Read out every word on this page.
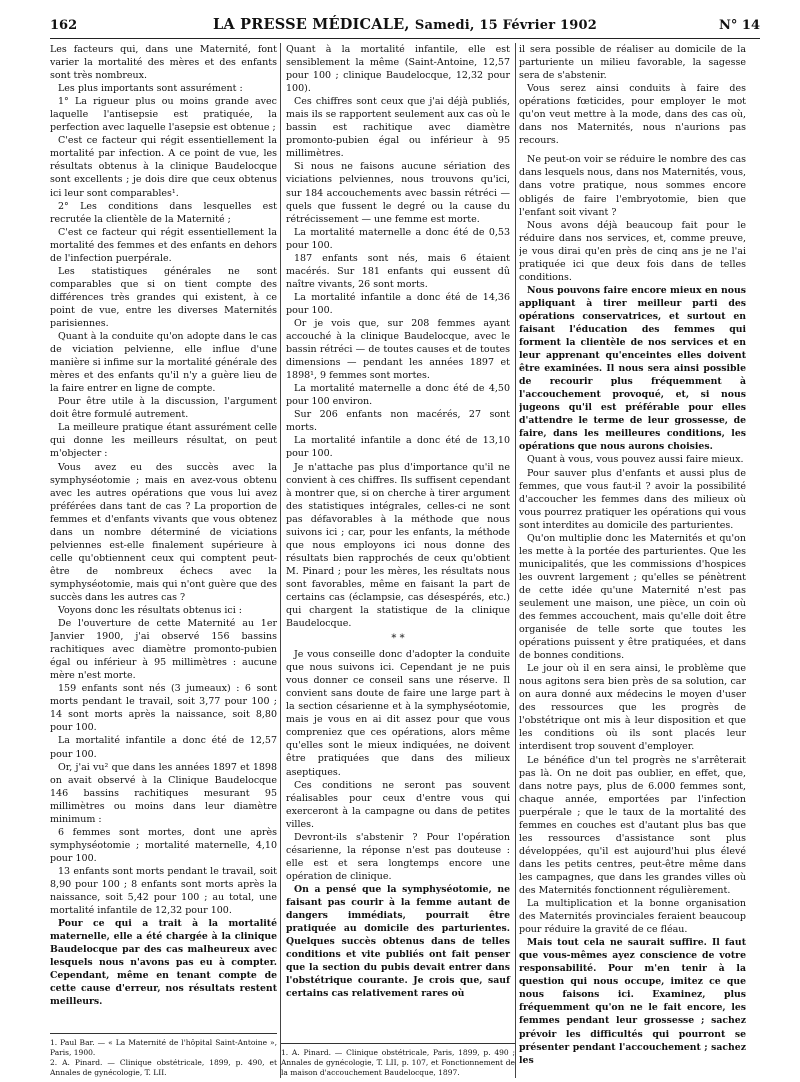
162	LA PRESSE MÉDICALE, Samedi, 15 Février 1902	N° 14

Les facteurs qui, dans une Maternité, font varier la mortalité des mères et des enfants sont très nombreux.

Les plus importants sont assurément :

1° La rigueur plus ou moins grande avec laquelle l'antisepsie est pratiquée, la perfection avec laquelle l'asepsie est obtenue ;

C'est ce facteur qui régit essentiellement la mortalité par infection. A ce point de vue, les résultats obtenus à la clinique Baudelocque sont excellents ; je dois dire que ceux obtenus ici leur sont comparables¹.

2° Les conditions dans lesquelles est recrutée la clientèle de la Maternité ;

C'est ce facteur qui régit essentiellement la mortalité des femmes et des enfants en dehors de l'infection puerpérale.

Les statistiques générales ne sont comparables que si on tient compte des différences très grandes qui existent, à ce point de vue, entre les diverses Maternités parisiennes.

Quant à la conduite qu'on adopte dans le cas de viciation pelvienne, elle influe d'une manière si infime sur la mortalité générale des mères et des enfants qu'il n'y a guère lieu de la faire entrer en ligne de compte.

Pour être utile à la discussion, l'argument doit être formulé autrement.

La meilleure pratique étant assurément celle qui donne les meilleurs résultat, on peut m'objecter :

Vous avez eu des succès avec la symphyséotomie ; mais en avez-vous obtenu avec les autres opérations que vous lui avez préférées dans tant de cas ? La proportion de femmes et d'enfants vivants que vous obtenez dans un nombre déterminé de viciations pelviennes est-elle finalement supérieure à celle qu'obtiennent ceux qui comptent peut-être de nombreux échecs avec la symphyséotomie, mais qui n'ont guère que des succès dans les autres cas ?

Voyons donc les résultats obtenus ici :

De l'ouverture de cette Maternité au 1er Janvier 1900, j'ai observé 156 bassins rachitiques avec diamètre promonto-pubien égal ou inférieur à 95 millimètres : aucune mère n'est morte.

159 enfants sont nés (3 jumeaux) : 6 sont morts pendant le travail, soit 3,77 pour 100 ; 14 sont morts après la naissance, soit 8,80 pour 100.

La mortalité infantile a donc été de 12,57 pour 100.

Or, j'ai vu² que dans les années 1897 et 1898 on avait observé à la Clinique Baudelocque 146 bassins rachitiques mesurant 95 millimètres ou moins dans leur diamètre minimum :

6 femmes sont mortes, dont une après symphyséotomie ; mortalité maternelle, 4,10 pour 100.

13 enfants sont morts pendant le travail, soit 8,90 pour 100 ; 8 enfants sont morts après la naissance, soit 5,42 pour 100 ; au total, une mortalité infantile de 12,32 pour 100.

Pour ce qui a trait à la mortalité maternelle, elle a été chargée à la clinique Baudelocque par des cas malheureux avec lesquels nous n'avons pas eu à compter. Cependant, même en tenant compte de cette cause d'erreur, nos résultats restent meilleurs.

1. Paul Bar. — « La Maternité de l'hôpital Saint-Antoine », Paris, 1900.

2. A. Pinard. — Clinique obstétricale, 1899, p. 490, et Annales de gynécologie, T. LII.

Quant à la mortalité infantile, elle est sensiblement la même (Saint-Antoine, 12,57 pour 100 ; clinique Baudelocque, 12,32 pour 100).

Ces chiffres sont ceux que j'ai déjà publiés, mais ils se rapportent seulement aux cas où le bassin est rachitique avec diamètre promonto-pubien égal ou inférieur à 95 millimètres.

Si nous ne faisons aucune sériation des viciations pelviennes, nous trouvons qu'ici, sur 184 accouchements avec bassin rétréci — quels que fussent le degré ou la cause du rétrécissement — une femme est morte.

La mortalité maternelle a donc été de 0,53 pour 100.

187 enfants sont nés, mais 6 étaient macérés. Sur 181 enfants qui eussent dû naître vivants, 26 sont morts.

La mortalité infantile a donc été de 14,36 pour 100.

Or je vois que, sur 208 femmes ayant accouché à la clinique Baudelocque, avec le bassin rétréci — de toutes causes et de toutes dimensions — pendant les années 1897 et 1898¹, 9 femmes sont mortes.

La mortalité maternelle a donc été de 4,50 pour 100 environ.

Sur 206 enfants non macérés, 27 sont morts.

La mortalité infantile a donc été de 13,10 pour 100.

Je n'attache pas plus d'importance qu'il ne convient à ces chiffres. Ils suffisent cependant à montrer que, si on cherche à tirer argument des statistiques intégrales, celles-ci ne sont pas défavorables à la méthode que nous suivons ici ; car, pour les enfants, la méthode que nous employons ici nous donne des résultats bien rapprochés de ceux qu'obtient M. Pinard ; pour les mères, les résultats nous sont favorables, même en faisant la part de certains cas (éclampsie, cas désespérés, etc.) qui chargent la statistique de la clinique Baudelocque.

* *

Je vous conseille donc d'adopter la conduite que nous suivons ici. Cependant je ne puis vous donner ce conseil sans une réserve. Il convient sans doute de faire une large part à la section césarienne et à la symphyséotomie, mais je vous en ai dit assez pour que vous compreniez que ces opérations, alors même qu'elles sont le mieux indiquées, ne doivent être pratiquées que dans des milieux aseptiques.

Ces conditions ne seront pas souvent réalisables pour ceux d'entre vous qui exerceront à la campagne ou dans de petites villes.

Devront-ils s'abstenir ? Pour l'opération césarienne, la réponse n'est pas douteuse : elle est et sera longtemps encore une opération de clinique.

On a pensé que la symphyséotomie, ne faisant pas courir à la femme autant de dangers immédiats, pourrait être pratiquée au domicile des parturientes. Quelques succès obtenus dans de telles conditions et vite publiés ont fait penser que la section du pubis devait entrer dans l'obstétrique courante. Je crois que, sauf certains cas relativement rares où

1. A. Pinard. — Clinique obstétricale, Paris, 1899, p. 490 ; Annales de gynécologie, T. LII, p. 107, et Fonctionnement de la maison d'accouchement Baudelocque, 1897.

il sera possible de réaliser au domicile de la parturiente un milieu favorable, la sagesse sera de s'abstenir.

Vous serez ainsi conduits à faire des opérations fœticides, pour employer le mot qu'on veut mettre à la mode, dans des cas où, dans nos Maternités, nous n'aurions pas recours.

Ne peut-on voir se réduire le nombre des cas dans lesquels nous, dans nos Maternités, vous, dans votre pratique, nous sommes encore obligés de faire l'embryotomie, bien que l'enfant soit vivant ?

Nous avons déjà beaucoup fait pour le réduire dans nos services, et, comme preuve, je vous dirai qu'en près de cinq ans je ne l'ai pratiquée ici que deux fois dans de telles conditions.

Nous pouvons faire encore mieux en nous appliquant à tirer meilleur parti des opérations conservatrices, et surtout en faisant l'éducation des femmes qui forment la clientèle de nos services et en leur apprenant qu'enceintes elles doivent être examinées. Il nous sera ainsi possible de recourir plus fréquemment à l'accouchement provoqué, et, si nous jugeons qu'il est préférable pour elles d'attendre le terme de leur grossesse, de faire, dans les meilleures conditions, les opérations que nous aurons choisies.

Quant à vous, vous pouvez aussi faire mieux.

Pour sauver plus d'enfants et aussi plus de femmes, que vous faut-il ? avoir la possibilité d'accoucher les femmes dans des milieux où vous pourrez pratiquer les opérations qui vous sont interdites au domicile des parturientes.

Qu'on multiplie donc les Maternités et qu'on les mette à la portée des parturientes. Que les municipalités, que les commissions d'hospices les ouvrent largement ; qu'elles se pénètrent de cette idée qu'une Maternité n'est pas seulement une maison, une pièce, un coin où des femmes accouchent, mais qu'elle doit être organisée de telle sorte que toutes les opérations puissent y être pratiquées, et dans de bonnes conditions.

Le jour où il en sera ainsi, le problème que nous agitons sera bien près de sa solution, car on aura donné aux médecins le moyen d'user des ressources que les progrès de l'obstétrique ont mis à leur disposition et que les conditions où ils sont placés leur interdisent trop souvent d'employer.

Le bénéfice d'un tel progrès ne s'arrêterait pas là. On ne doit pas oublier, en effet, que, dans notre pays, plus de 6.000 femmes sont, chaque année, emportées par l'infection puerpérale ; que le taux de la mortalité des femmes en couches est d'autant plus bas que les ressources d'assistance sont plus développées, qu'il est aujourd'hui plus élevé dans les petits centres, peut-être même dans les campagnes, que dans les grandes villes où des Maternités fonctionnent régulièrement.

La multiplication et la bonne organisation des Maternités provinciales feraient beaucoup pour réduire la gravité de ce fléau.

Mais tout cela ne saurait suffire. Il faut que vous-mêmes ayez conscience de votre responsabilité. Pour m'en tenir à la question qui nous occupe, imitez ce que nous faisons ici. Examinez, plus fréquemment qu'on ne le fait encore, les femmes pendant leur grossesse ; sachez prévoir les difficultés qui pourront se présenter pendant l'accouchement ; sachez les
